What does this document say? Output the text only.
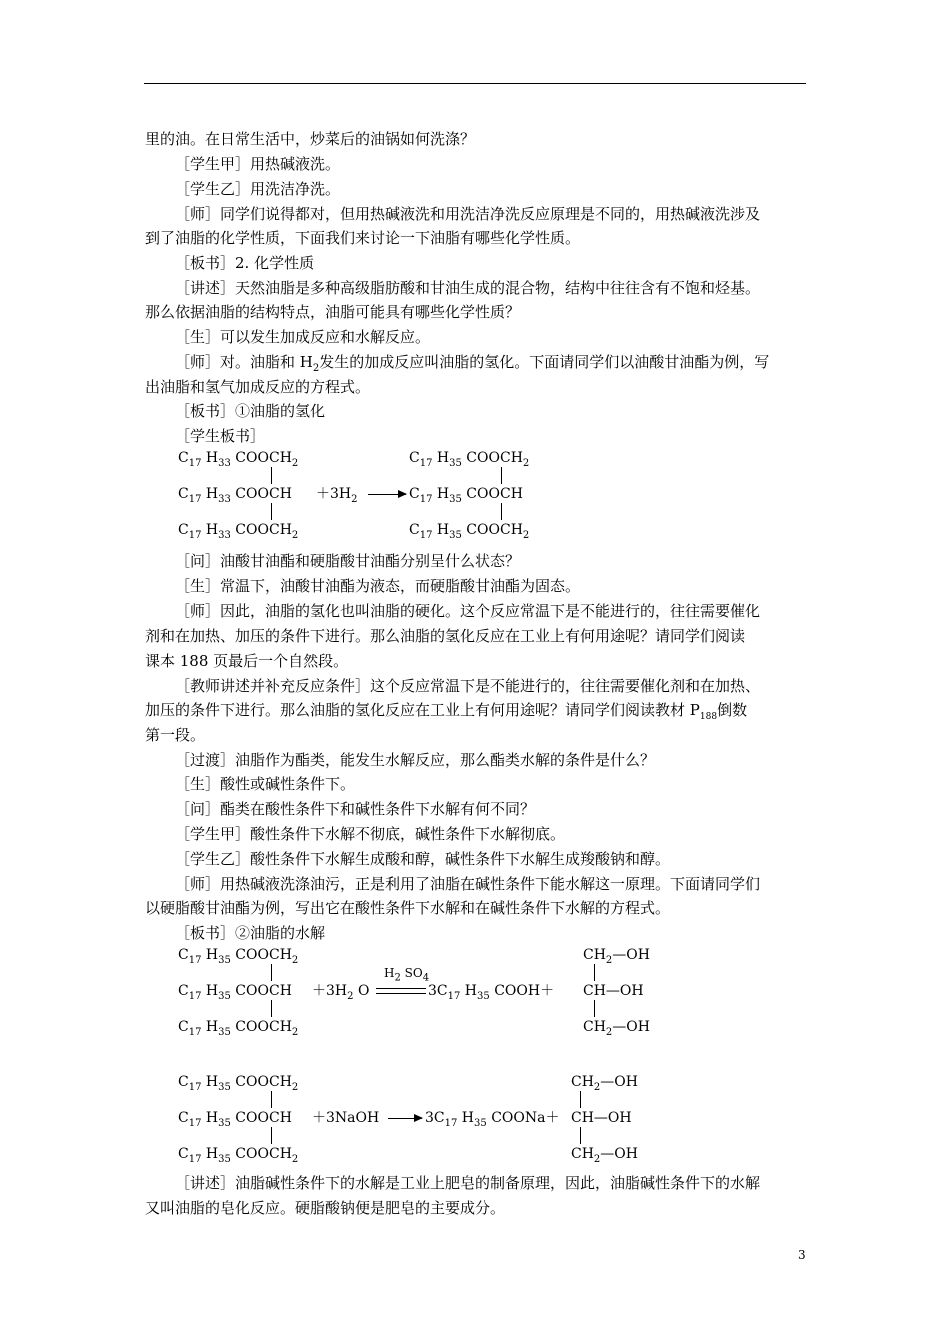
里的油。在日常生活中，炒菜后的油锅如何洗涤？
［学生甲］用热碱液洗。
［学生乙］用洗洁净洗。
［师］同学们说得都对，但用热碱液洗和用洗洁净洗反应原理是不同的，用热碱液洗涉及
到了油脂的化学性质，下面我们来讨论一下油脂有哪些化学性质。
［板书］2. 化学性质
［讲述］天然油脂是多种高级脂肪酸和甘油生成的混合物，结构中往往含有不饱和烃基。
那么依据油脂的结构特点，油脂可能具有哪些化学性质？
［生］可以发生加成反应和水解反应。
［师］对。油脂和 $H_2$发生的加成反应叫油脂的氢化。下面请同学们以油酸甘油酯为例，写
出油脂和氢气加成反应的方程式。
［板书］①油脂的氢化
［学生板书］
$C_{17}$ $H_{33}$ $COOCH_2$
$C_{17}$ $H_{33}$ COOCH
$C_{17}$ $H_{33}$ $COOCH_2$
$+3H_2$ →
$C_{17}$ $H_{35}$ $COOCH_2$
$C_{17}$ $H_{35}$ COOCH
$C_{17}$ $H_{35}$ $COOCH_2$
［问］油酸甘油酯和硬脂酸甘油酯分别呈什么状态？
［生］常温下，油酸甘油酯为液态，而硬脂酸甘油酯为固态。
［师］因此，油脂的氢化也叫油脂的硬化。这个反应常温下是不能进行的，往往需要催化
剂和在加热、加压的条件下进行。那么油脂的氢化反应在工业上有何用途呢？请同学们阅读
课本 188 页最后一个自然段。
［教师讲述并补充反应条件］这个反应常温下是不能进行的，往往需要催化剂和在加热、
加压的条件下进行。那么油脂的氢化反应在工业上有何用途呢？请同学们阅读教材 $P_{188}$倒数
第一段。
［过渡］油脂作为酯类，能发生水解反应，那么酯类水解的条件是什么？
［生］酸性或碱性条件下。
［问］酯类在酸性条件下和碱性条件下水解有何不同？
［学生甲］酸性条件下水解不彻底，碱性条件下水解彻底。
［学生乙］酸性条件下水解生成酸和醇，碱性条件下水解生成羧酸钠和醇。
［师］用热碱液洗涤油污，正是利用了油脂在碱性条件下能水解这一原理。下面请同学们
以硬脂酸甘油酯为例，写出它在酸性条件下水解和在碱性条件下水解的方程式。
［板书］②油脂的水解
$C_{17}$ $H_{35}$ $COOCH_2$
$C_{17}$ $H_{35}$ COOCH
$C_{17}$ $H_{35}$ $COOCH_2$
$+3H_2$ O
$H_2$ $SO_4$
$3C_{17}$ $H_{35}$ COOH＋
$CH_2—OH$
CH—OH
$CH_2—OH$
$C_{17}$ $H_{35}$ $COOCH_2$
$C_{17}$ $H_{35}$ COOCH
$C_{17}$ $H_{35}$ $COOCH_2$
＋3NaOH → $3C_{17}$ $H_{35}$ COONa＋
$CH_2—OH$
CH—OH
$CH_2—OH$
［讲述］油脂碱性条件下的水解是工业上肥皂的制备原理，因此，油脂碱性条件下的水解
又叫油脂的皂化反应。硬脂酸钠便是肥皂的主要成分。
3
